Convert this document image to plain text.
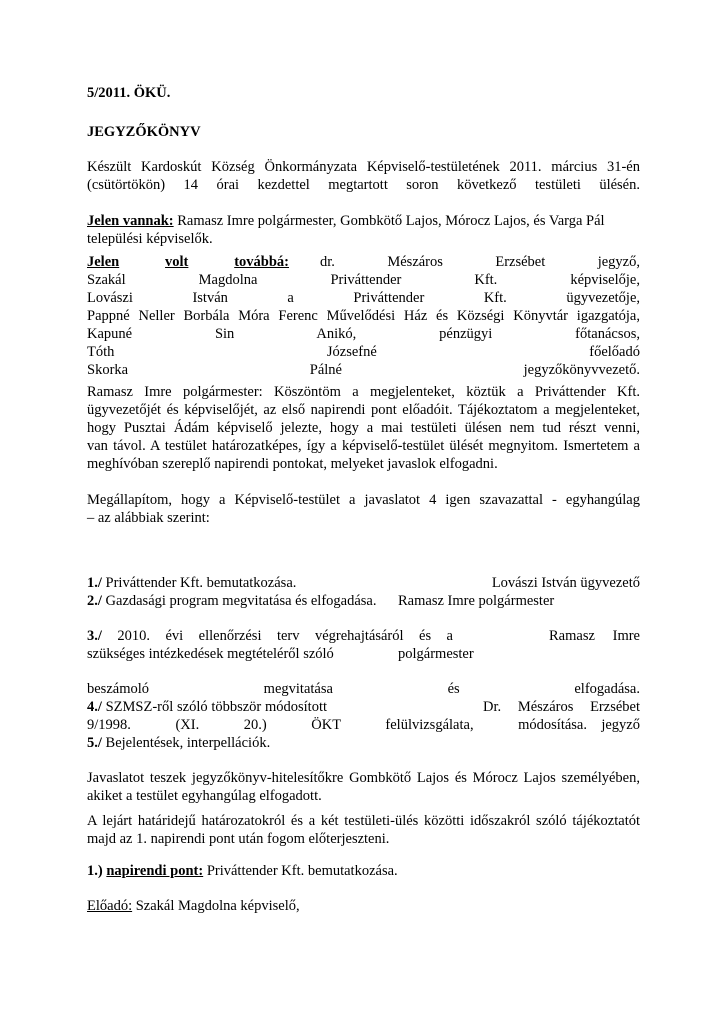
5/2011. ÖKÜ.
JEGYZŐKÖNYV
Készült Kardoskút Község Önkormányzata Képviselő-testületének 2011. március 31-én
(csütörtökön) 14 órai kezdettel megtartott soron következő testületi ülésén.
Jelen vannak: Ramasz Imre polgármester, Gombkötő Lajos, Mórocz Lajos, és Varga Pál
települési képviselők.
Jelen	volt	továbbá: dr.	Mészáros	Erzsébet	jegyző,
Szakál Magdolna Priváttender Kft. képviselője,
Lovászi István a Priváttender Kft. ügyvezetője,
Pappné Neller Borbála Móra Ferenc Művelődési Ház és Községi Könyvtár igazgatója,
Kapuné Sin Anikó, pénzügyi főtanácsos,
Tóth Józsefné főelőadó
Skorka Pálné jegyzőkönyvvezető.
Ramasz Imre polgármester: Köszöntöm a megjelenteket, köztük a Priváttender Kft.
ügyvezetőjét és képviselőjét, az első napirendi pont előadóit. Tájékoztatom a megjelenteket,
hogy Pusztai Ádám képviselő jelezte, hogy a mai testületi ülésen nem tud részt venni,
van távol. A testület határozatképes, így a képviselő-testület ülését megnyitom. Ismertetem a
meghívóban szereplő napirendi pontokat, melyeket javaslok elfogadni.
Megállapítom, hogy a Képviselő-testület a javaslatot 4 igen szavazattal - egyhangúlag
– az alábbiak szerint:
1./ Priváttender Kft. bemutatkozása.	Lovászi István ügyvezető
2./ Gazdasági program megvitatása és elfogadása.	Ramasz Imre polgármester
3./ 2010. évi ellenőrzési terv végrehajtásáról és a	Ramasz Imre
szükséges intézkedések megtételéről szóló	polgármester
beszámoló megvitatása és elfogadása.
4./ SZMSZ-ről szóló többször módosított	Dr. Mészáros Erzsébet
9/1998. (XI. 20.) ÖKT felülvizsgálata, módosítása. jegyző
5./ Bejelentések, interpellációk.
Javaslatot teszek jegyzőkönyv-hitelesítőkre Gombkötő Lajos és Mórocz Lajos személyében,
akiket a testület egyhangúlag elfogadott.
A lejárt határidejű határozatokról és a két testületi-ülés közötti időszakról szóló tájékoztatót
majd az 1. napirendi pont után fogom előterjeszteni.
1.) napirendi pont: Priváttender Kft. bemutatkozása.
Előadó: Szakál Magdolna képviselő,
